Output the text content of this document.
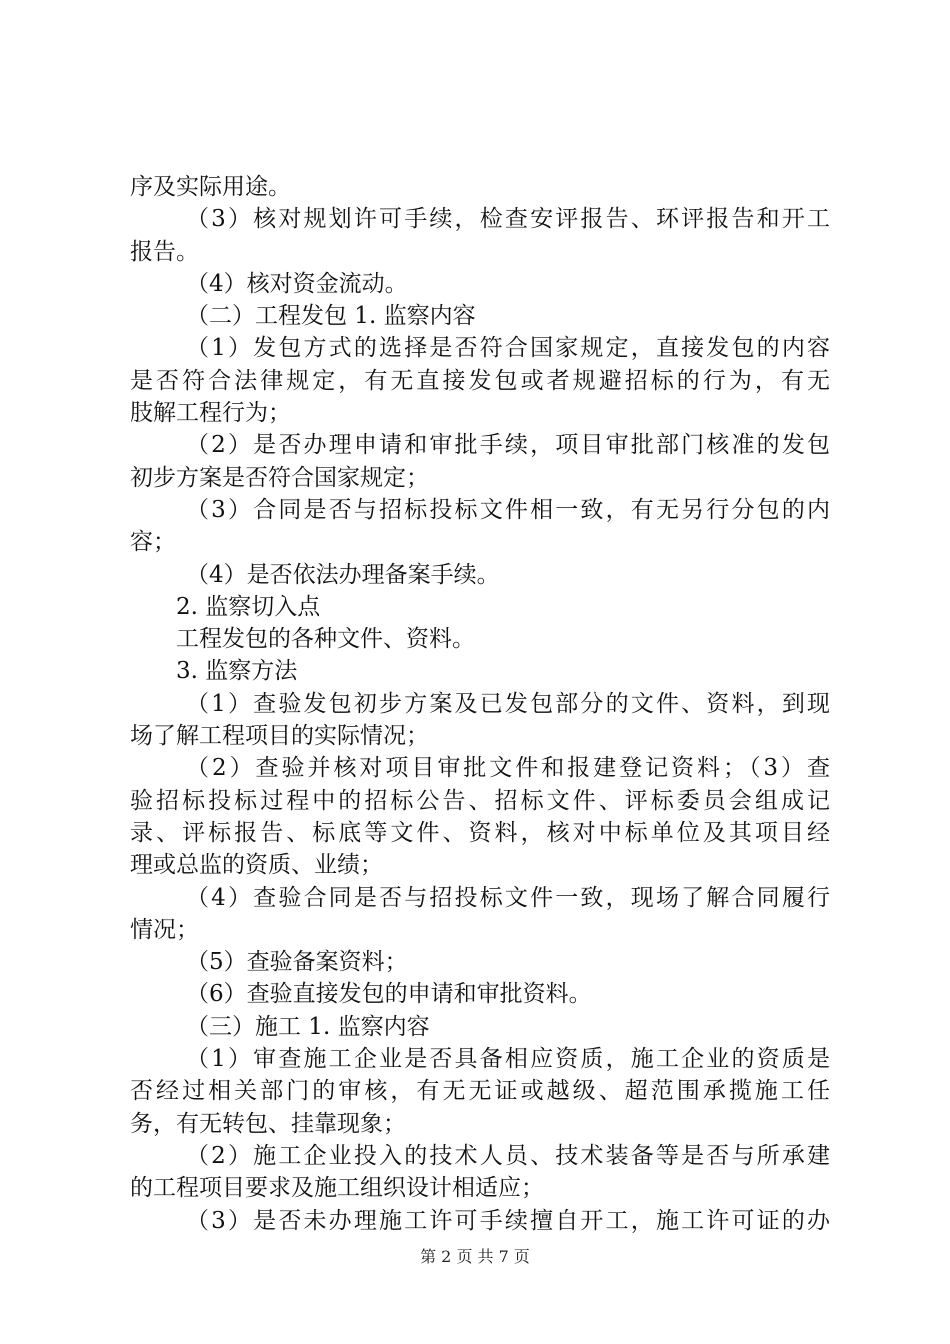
序及实际用途。
（3）核对规划许可手续，检查安评报告、环评报告和开工
报告。
（4）核对资金流动。
（二）工程发包 1. 监察内容
（1）发包方式的选择是否符合国家规定，直接发包的内容
是否符合法律规定，有无直接发包或者规避招标的行为，有无
肢解工程行为；
（2）是否办理申请和审批手续，项目审批部门核准的发包
初步方案是否符合国家规定；
（3）合同是否与招标投标文件相一致，有无另行分包的内
容；
（4）是否依法办理备案手续。
2. 监察切入点
工程发包的各种文件、资料。
3. 监察方法
（1）查验发包初步方案及已发包部分的文件、资料，到现
场了解工程项目的实际情况；
（2）查验并核对项目审批文件和报建登记资料；（3）查
验招标投标过程中的招标公告、招标文件、评标委员会组成记
录、评标报告、标底等文件、资料，核对中标单位及其项目经
理或总监的资质、业绩；
（4）查验合同是否与招投标文件一致，现场了解合同履行
情况；
（5）查验备案资料；
（6）查验直接发包的申请和审批资料。
（三）施工 1. 监察内容
（1）审查施工企业是否具备相应资质，施工企业的资质是
否经过相关部门的审核，有无无证或越级、超范围承揽施工任
务，有无转包、挂靠现象；
（2）施工企业投入的技术人员、技术装备等是否与所承建
的工程项目要求及施工组织设计相适应；
（3）是否未办理施工许可手续擅自开工，施工许可证的办
第 2 页 共 7 页
